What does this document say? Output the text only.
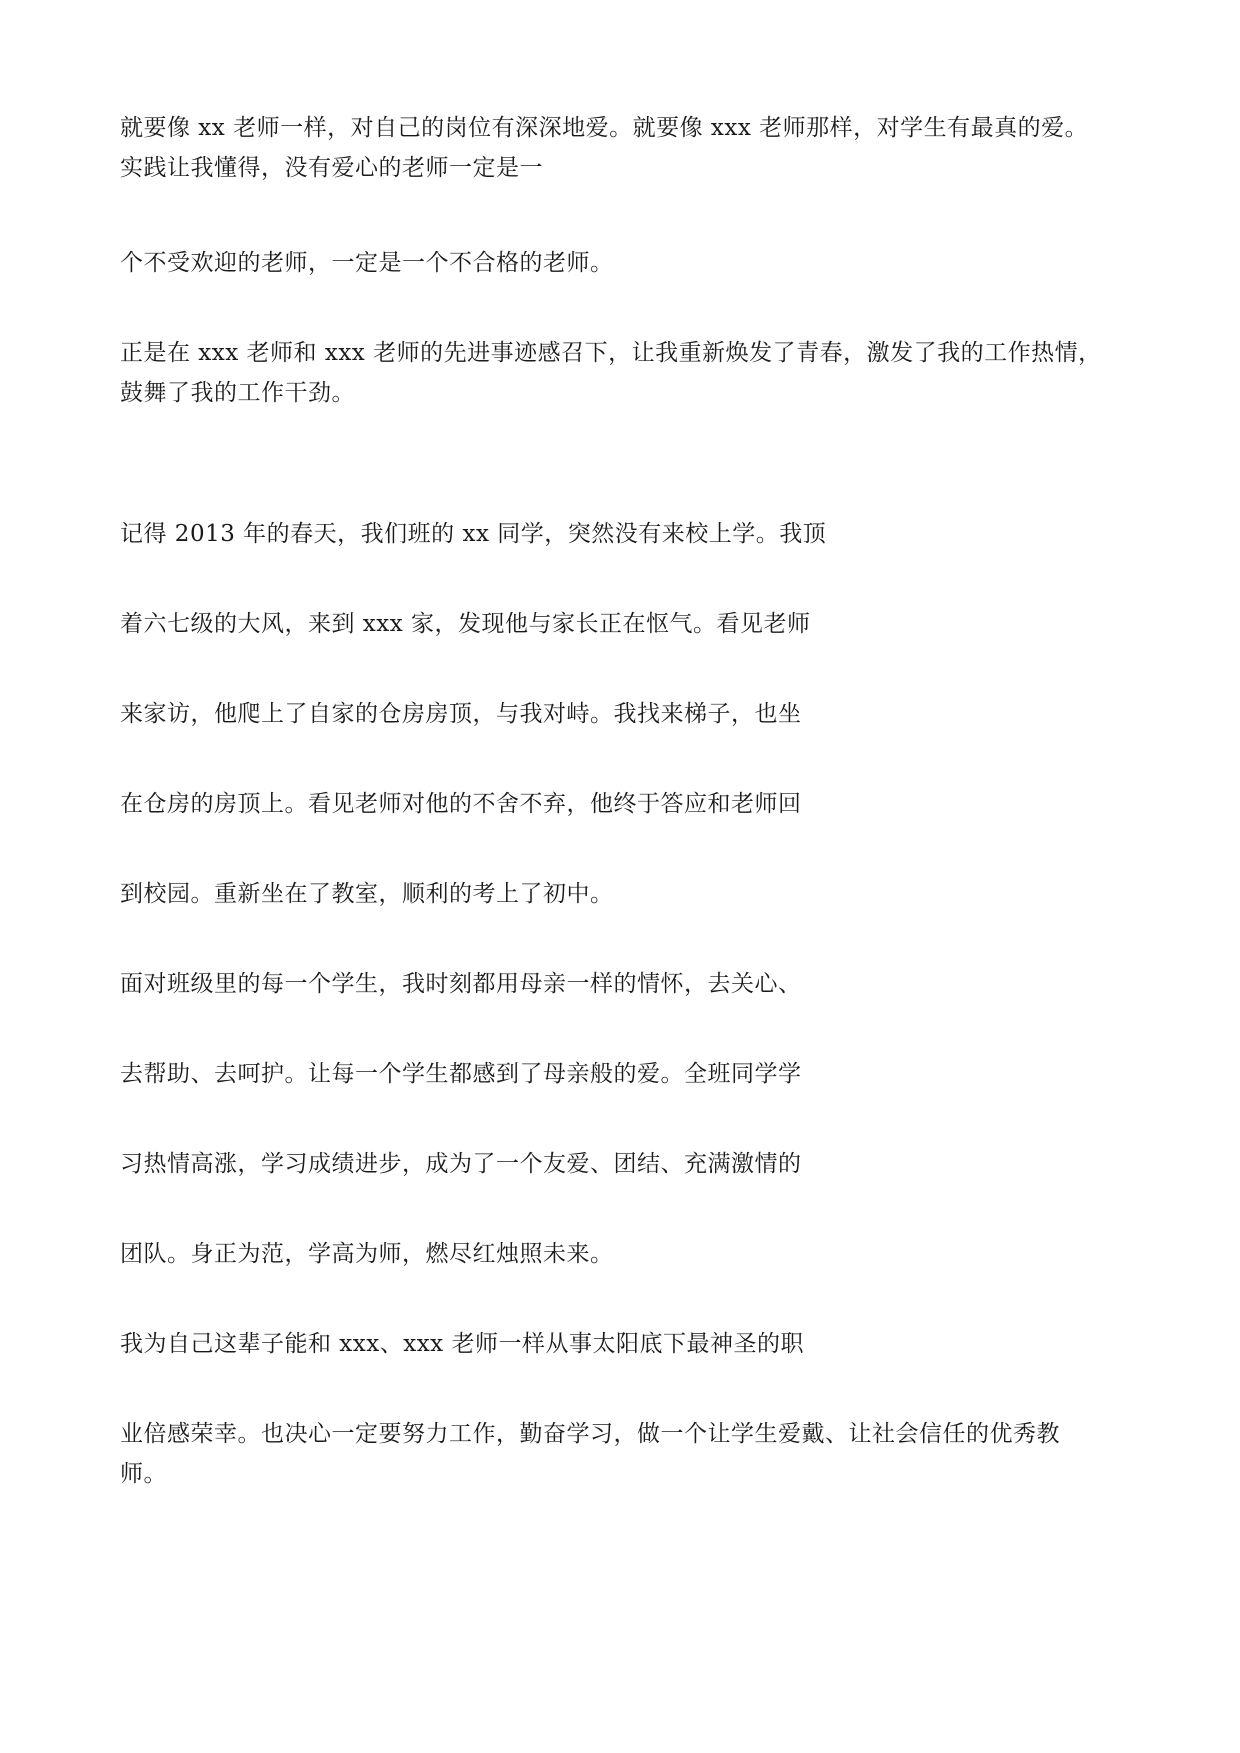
就要像 xx 老师一样，对自己的岗位有深深地爱。就要像 xxx 老师那样，对学生有最真的爱。
实践让我懂得，没有爱心的老师一定是一

个不受欢迎的老师，一定是一个不合格的老师。

正是在 xxx 老师和 xxx 老师的先进事迹感召下，让我重新焕发了青春，激发了我的工作热情，
鼓舞了我的工作干劲。

记得 2013 年的春天，我们班的 xx 同学，突然没有来校上学。我顶

着六七级的大风，来到 xxx 家，发现他与家长正在怄气。看见老师

来家访，他爬上了自家的仓房房顶，与我对峙。我找来梯子，也坐

在仓房的房顶上。看见老师对他的不舍不弃，他终于答应和老师回

到校园。重新坐在了教室，顺利的考上了初中。

面对班级里的每一个学生，我时刻都用母亲一样的情怀，去关心、

去帮助、去呵护。让每一个学生都感到了母亲般的爱。全班同学学

习热情高涨，学习成绩进步，成为了一个友爱、团结、充满激情的

团队。身正为范，学高为师，燃尽红烛照未来。

我为自己这辈子能和 xxx、xxx 老师一样从事太阳底下最神圣的职

业倍感荣幸。也决心一定要努力工作，勤奋学习，做一个让学生爱戴、让社会信任的优秀教
师。
